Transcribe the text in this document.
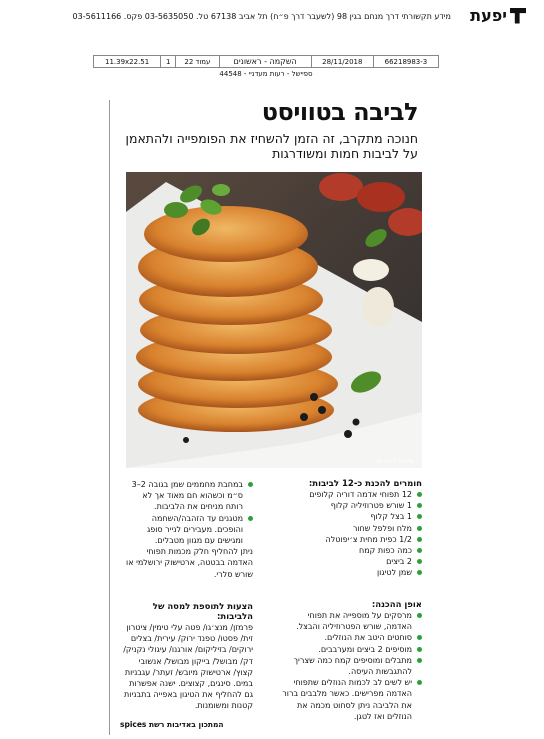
יפעת
מידע תקשורתי דרך מנחם בגין 98 (לשעבר דרך פ״ח) תל אביב 67138 טל. 03-5635050 פקס. 03-5611166
11.39x22.51	1	עמוד 22	השקמה - ראשונים	28/11/2018	66218983-3
ספיישל - רעות מעדניי - 44548
לביבה בטוויסט
חנוכה מתקרב, זה הזמן להשחיז את הפומפייה ולהתאמן על לביבות חמות ומשודרגות
צילום: רנטי טר
חומרים להכנת כ-12 לביבות:
12 תפוחי אדמה דוריה קלופים
1 שורש פטרוזיליה קלוף
1 בצל קלוף
מלח ופלפל שחור
1/2 כפית מחית צ׳יפוטלה
כמה כפות קמח
2 ביצים
שמן לטיגון
אופן ההכנה:
מרסקים על מוספייה את תפוחי האדמה, שורש הפטרוזיליה והבצל.
סוחטים היטב את הנוזלים.
מוסיפים 2 ביצים ומערבבים.
מתבלים ומוסיפים קמח כמה שצריך להתגבשות העיסה.
יש לשים לב לכמות הנוזלים שתפוחי האדמה מפרישים. כאשר מלבבים ברור את הלביבה ניתן לסחוט מכמה את הנוזלים ואז לטגן.
במחבת מחממים שמן בגובה 2–3 ס״מ וכשהוא חם מאוד אך לא רותח מניחים את הלביבות.
מטגנים עד הזהבה/השחמה והופכים. מעבירים לנייר סופג ומגישים עם מגוון מטבלים.
ניתן להחליף חלק מכמות תפוחי האדמה בבטטה, ארטישוק ירושלמי או שורש סלרי.
הצעות לתוספת למסה של הלביבות:
פרמזן/ מנצ׳גו/ פטה עלי טימין/ ציטרון זית/ פסטו/ טפנד ירוק/ עירית/ בצלים ירוקים/ בזיליקום/ אורגנו/ עיגולי נקניק/ דק/ מבושל/ בייקון מבושל/ אנשובי קצוץ/ ארטישוק מיובש/ זעתר/ עגבניות במים. סינגים, קצוצים. ישנה אפשרות גם להחליף את הטיגון באפייה בתבניות קטנות ומשומנות.
המתכון באדיבות רשת spices
